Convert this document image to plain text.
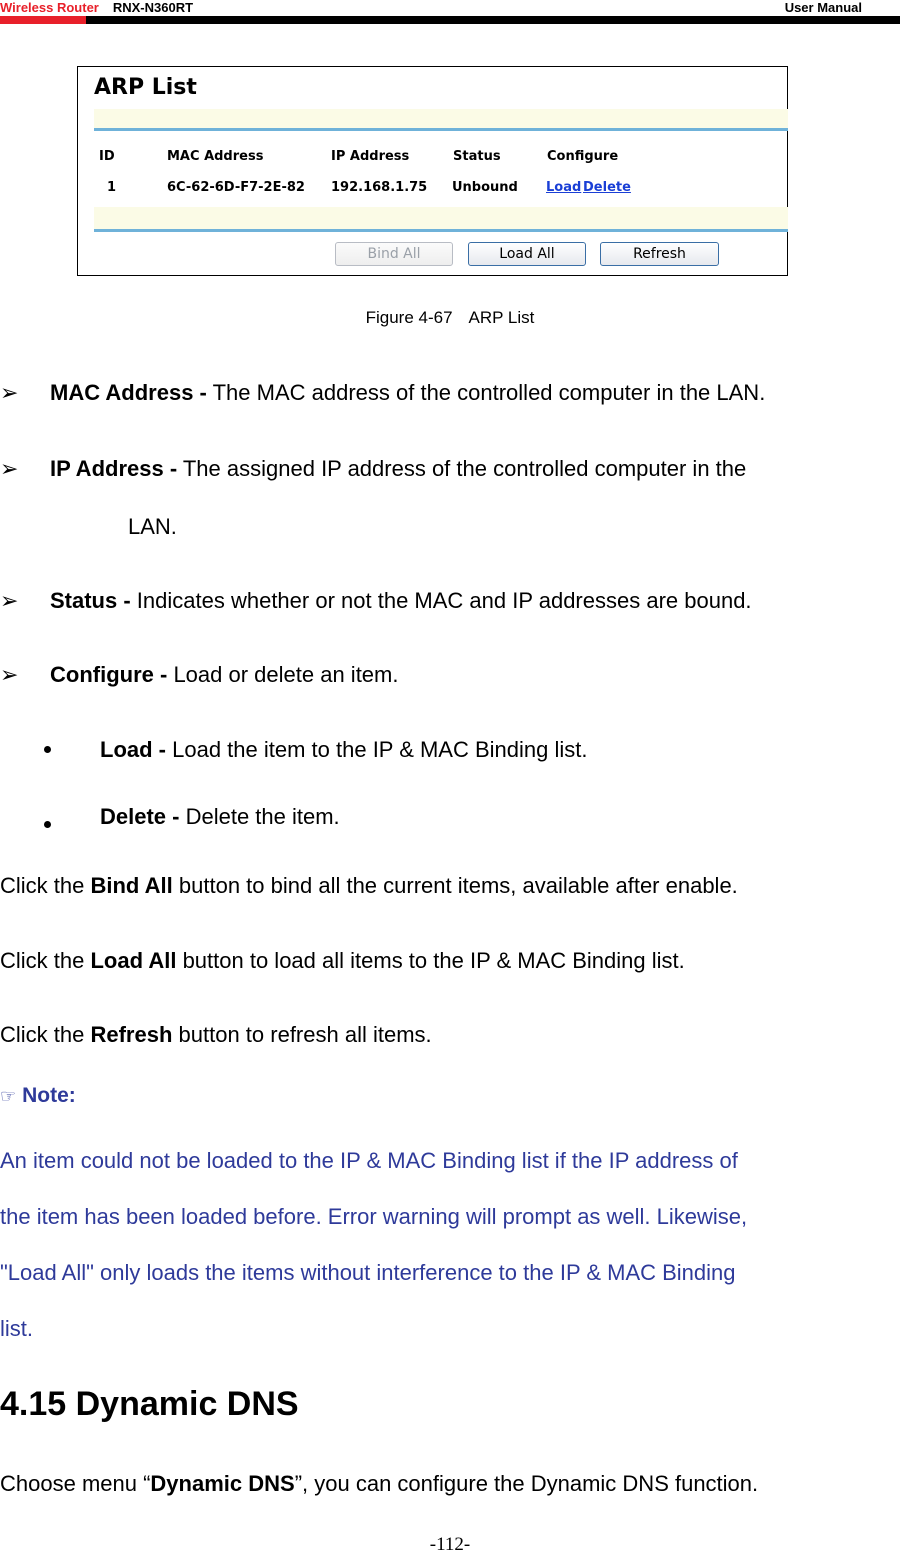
Wireless Router RNX-N360RT	User Manual
ARP List
ID	MAC Address	IP Address	Status	Configure
1	6C-62-6D-F7-2E-82 192.168.1.75 Unbound Load Delete
Bind All	Load All	Refresh
Figure 4-67 ARP List
➢ MAC Address - The MAC address of the controlled computer in the LAN.
➢ IP Address - The assigned IP address of the controlled computer in the
LAN.
➢ Status - Indicates whether or not the MAC and IP addresses are bound.
➢ Configure - Load or delete an item.
Load - Load the item to the IP & MAC Binding list.
Delete - Delete the item.
Click the Bind All button to bind all the current items, available after enable.
Click the Load All button to load all items to the IP & MAC Binding list.
Click the Refresh button to refresh all items.
☞ Note:
An item could not be loaded to the IP & MAC Binding list if the IP address of
the item has been loaded before. Error warning will prompt as well. Likewise,
"Load All" only loads the items without interference to the IP & MAC Binding
list.
4.15 Dynamic DNS
Choose menu “Dynamic DNS”, you can configure the Dynamic DNS function.
-112-
